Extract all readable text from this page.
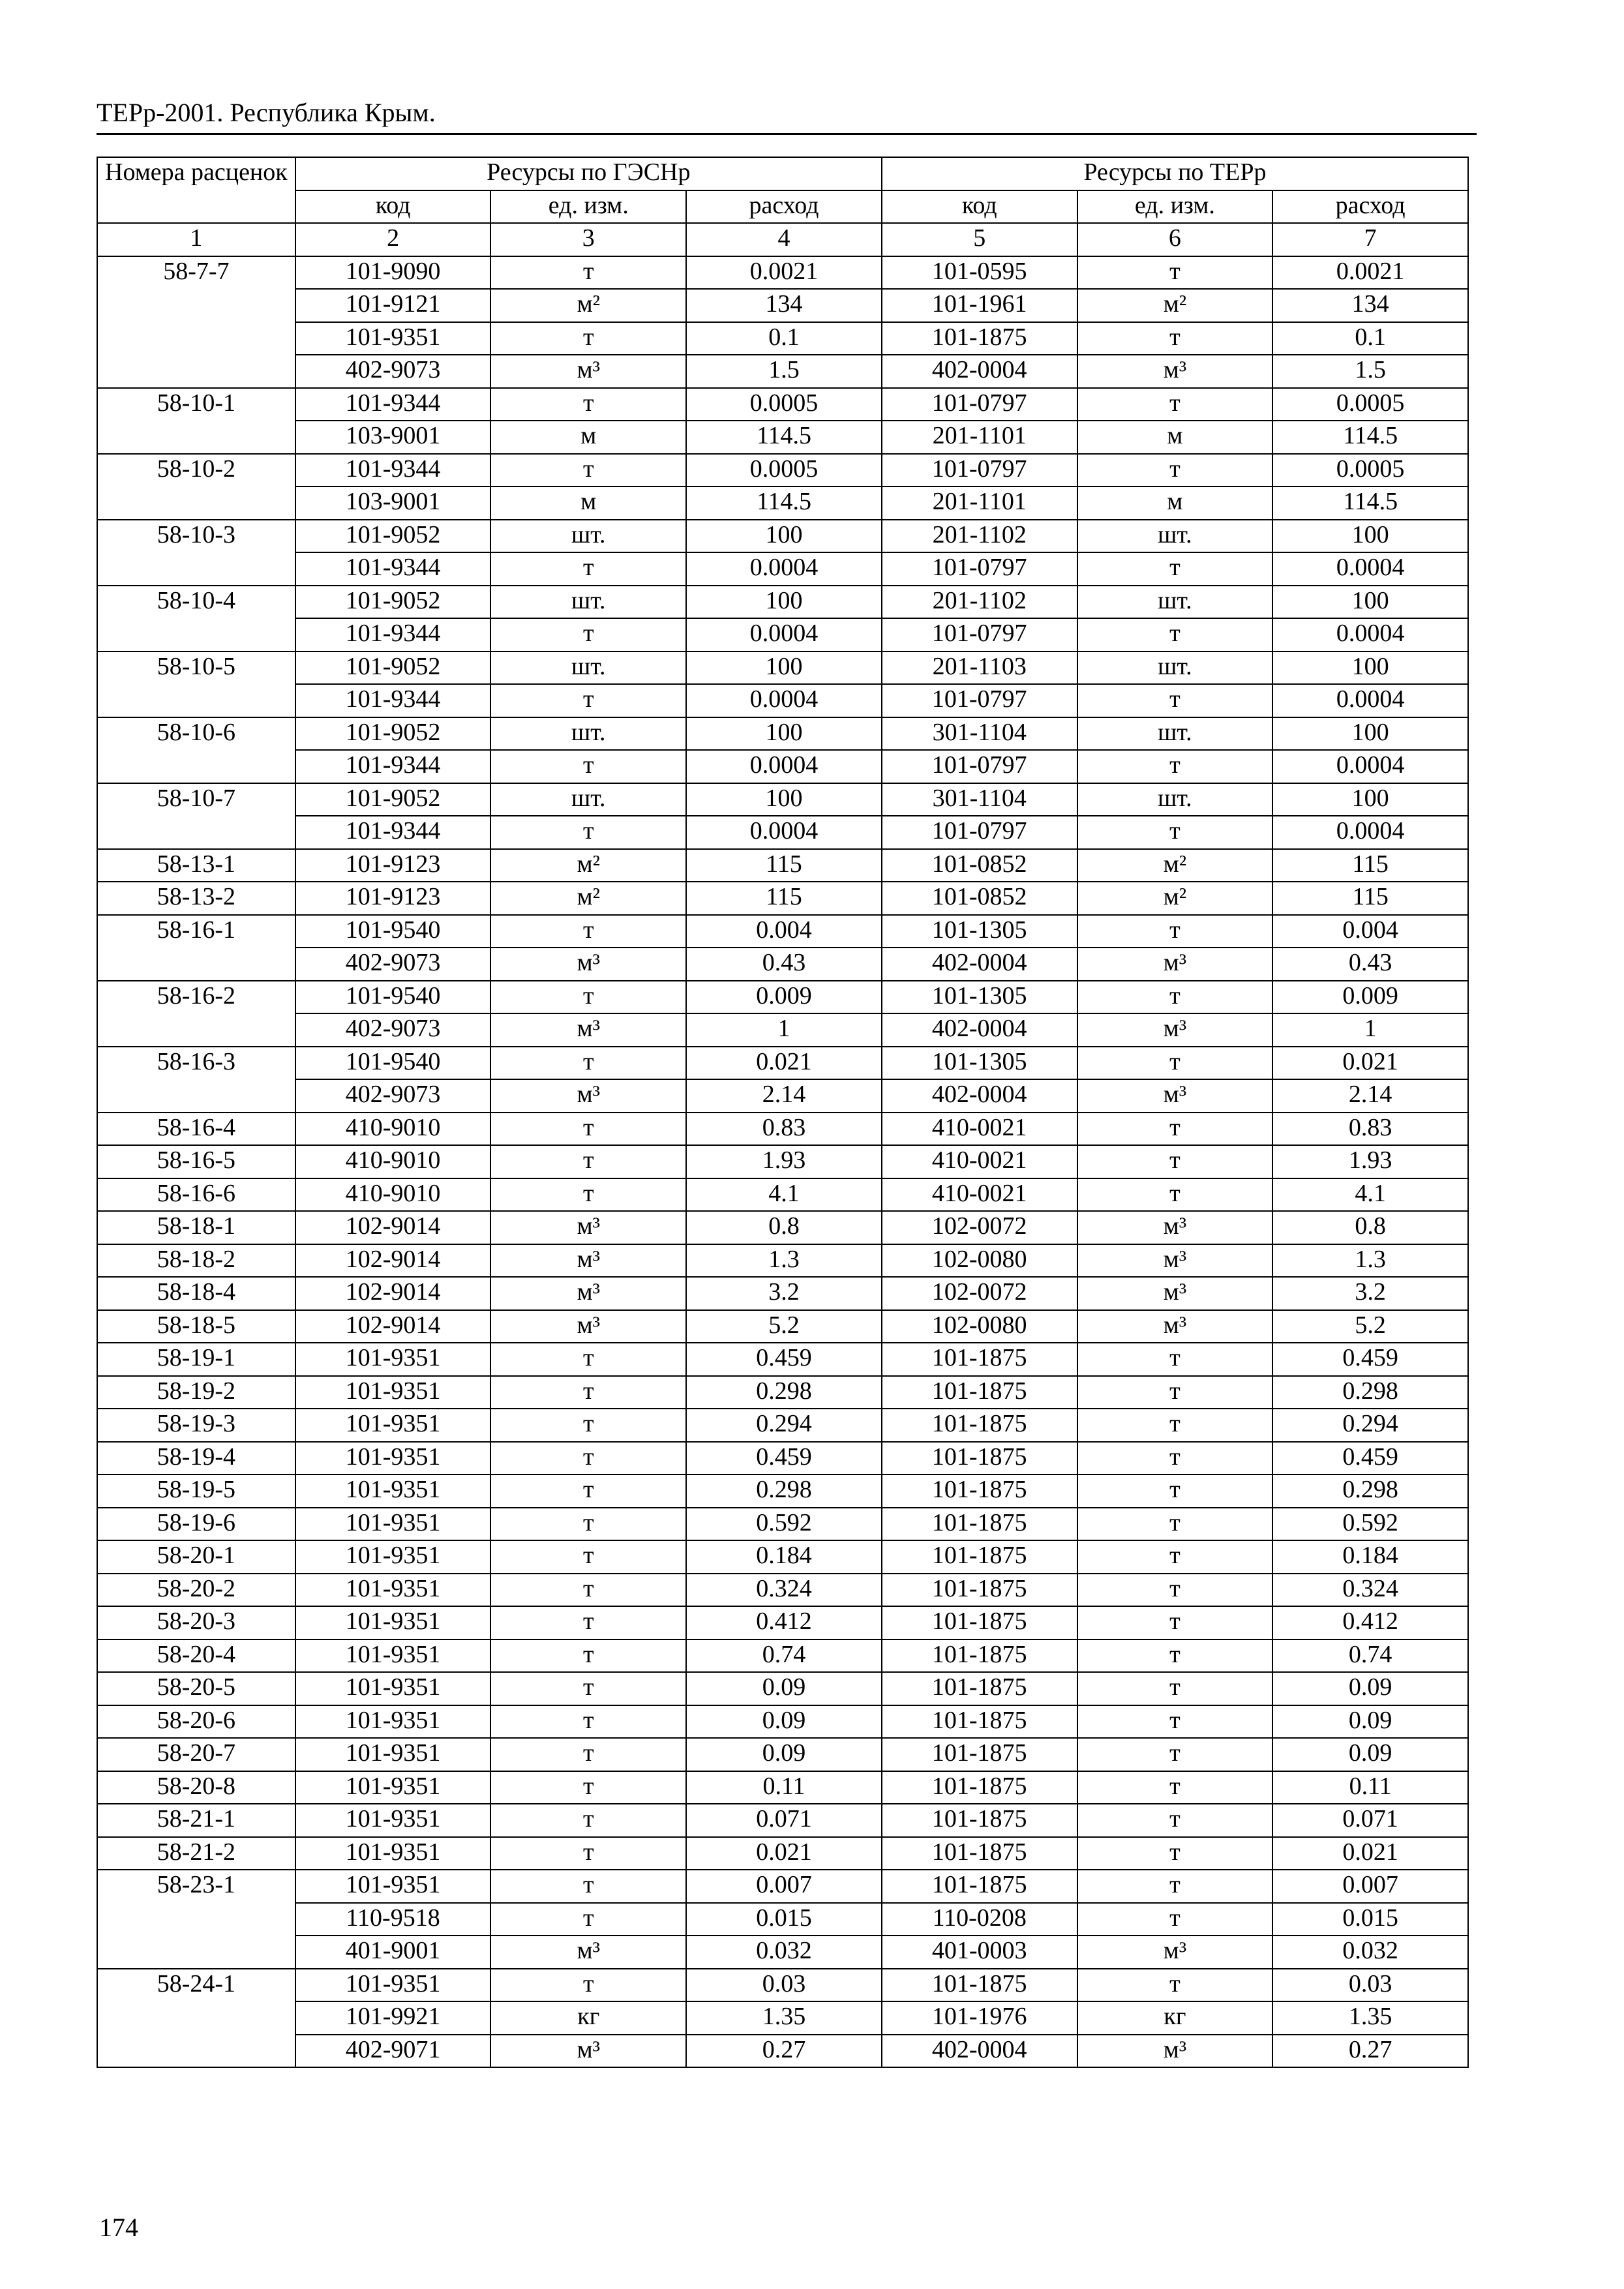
ТЕРр-2001. Республика Крым.
Номера расценок	Ресурсы по ГЭСНр			Ресурсы по ТЕРр		
	код	ед. изм.	расход	код	ед. изм.	расход
1	2	3	4	5	6	7
58-7-7	101-9090	т	0.0021	101-0595	т	0.0021
	101-9121	м²	134	101-1961	м²	134
	101-9351	т	0.1	101-1875	т	0.1
	402-9073	м³	1.5	402-0004	м³	1.5
58-10-1	101-9344	т	0.0005	101-0797	т	0.0005
	103-9001	м	114.5	201-1101	м	114.5
58-10-2	101-9344	т	0.0005	101-0797	т	0.0005
	103-9001	м	114.5	201-1101	м	114.5
58-10-3	101-9052	шт.	100	201-1102	шт.	100
	101-9344	т	0.0004	101-0797	т	0.0004
58-10-4	101-9052	шт.	100	201-1102	шт.	100
	101-9344	т	0.0004	101-0797	т	0.0004
58-10-5	101-9052	шт.	100	201-1103	шт.	100
	101-9344	т	0.0004	101-0797	т	0.0004
58-10-6	101-9052	шт.	100	301-1104	шт.	100
	101-9344	т	0.0004	101-0797	т	0.0004
58-10-7	101-9052	шт.	100	301-1104	шт.	100
	101-9344	т	0.0004	101-0797	т	0.0004
58-13-1	101-9123	м²	115	101-0852	м²	115
58-13-2	101-9123	м²	115	101-0852	м²	115
58-16-1	101-9540	т	0.004	101-1305	т	0.004
	402-9073	м³	0.43	402-0004	м³	0.43
58-16-2	101-9540	т	0.009	101-1305	т	0.009
	402-9073	м³	1	402-0004	м³	1
58-16-3	101-9540	т	0.021	101-1305	т	0.021
	402-9073	м³	2.14	402-0004	м³	2.14
58-16-4	410-9010	т	0.83	410-0021	т	0.83
58-16-5	410-9010	т	1.93	410-0021	т	1.93
58-16-6	410-9010	т	4.1	410-0021	т	4.1
58-18-1	102-9014	м³	0.8	102-0072	м³	0.8
58-18-2	102-9014	м³	1.3	102-0080	м³	1.3
58-18-4	102-9014	м³	3.2	102-0072	м³	3.2
58-18-5	102-9014	м³	5.2	102-0080	м³	5.2
58-19-1	101-9351	т	0.459	101-1875	т	0.459
58-19-2	101-9351	т	0.298	101-1875	т	0.298
58-19-3	101-9351	т	0.294	101-1875	т	0.294
58-19-4	101-9351	т	0.459	101-1875	т	0.459
58-19-5	101-9351	т	0.298	101-1875	т	0.298
58-19-6	101-9351	т	0.592	101-1875	т	0.592
58-20-1	101-9351	т	0.184	101-1875	т	0.184
58-20-2	101-9351	т	0.324	101-1875	т	0.324
58-20-3	101-9351	т	0.412	101-1875	т	0.412
58-20-4	101-9351	т	0.74	101-1875	т	0.74
58-20-5	101-9351	т	0.09	101-1875	т	0.09
58-20-6	101-9351	т	0.09	101-1875	т	0.09
58-20-7	101-9351	т	0.09	101-1875	т	0.09
58-20-8	101-9351	т	0.11	101-1875	т	0.11
58-21-1	101-9351	т	0.071	101-1875	т	0.071
58-21-2	101-9351	т	0.021	101-1875	т	0.021
58-23-1	101-9351	т	0.007	101-1875	т	0.007
	110-9518	т	0.015	110-0208	т	0.015
	401-9001	м³	0.032	401-0003	м³	0.032
58-24-1	101-9351	т	0.03	101-1875	т	0.03
	101-9921	кг	1.35	101-1976	кг	1.35
	402-9071	м³	0.27	402-0004	м³	0.27
174
